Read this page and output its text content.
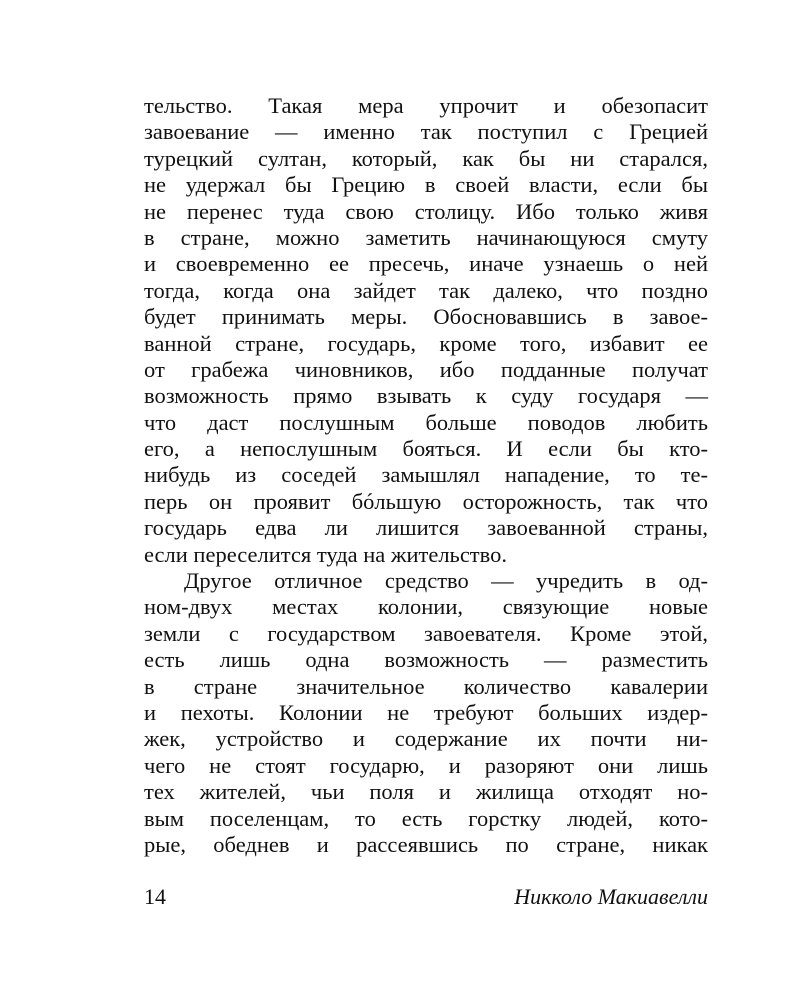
тельство. Такая мера упрочит и обезопасит
завоевание — именно так поступил с Грецией
турецкий султан, который, как бы ни старался,
не удержал бы Грецию в своей власти, если бы
не перенес туда свою столицу. Ибо только живя
в стране, можно заметить начинающуюся смуту
и своевременно ее пресечь, иначе узнаешь о ней
тогда, когда она зайдет так далеко, что поздно
будет принимать меры. Обосновавшись в завое-
ванной стране, государь, кроме того, избавит ее
от грабежа чиновников, ибо подданные получат
возможность прямо взывать к суду государя —
что даст послушным больше поводов любить
его, а непослушным бояться. И если бы кто-
нибудь из соседей замышлял нападение, то те-
перь он проявит бóльшую осторожность, так что
государь едва ли лишится завоеванной страны,
если переселится туда на жительство.
Другое отличное средство — учредить в од-
ном-двух местах колонии, связующие новые
земли с государством завоевателя. Кроме этой,
есть лишь одна возможность — разместить
в стране значительное количество кавалерии
и пехоты. Колонии не требуют больших издер-
жек, устройство и содержание их почти ни-
чего не стоят государю, и разоряют они лишь
тех жителей, чьи поля и жилища отходят но-
вым поселенцам, то есть горстку людей, кото-
рые, обеднев и рассеявшись по стране, никак
14	Никколо Макиавелли
